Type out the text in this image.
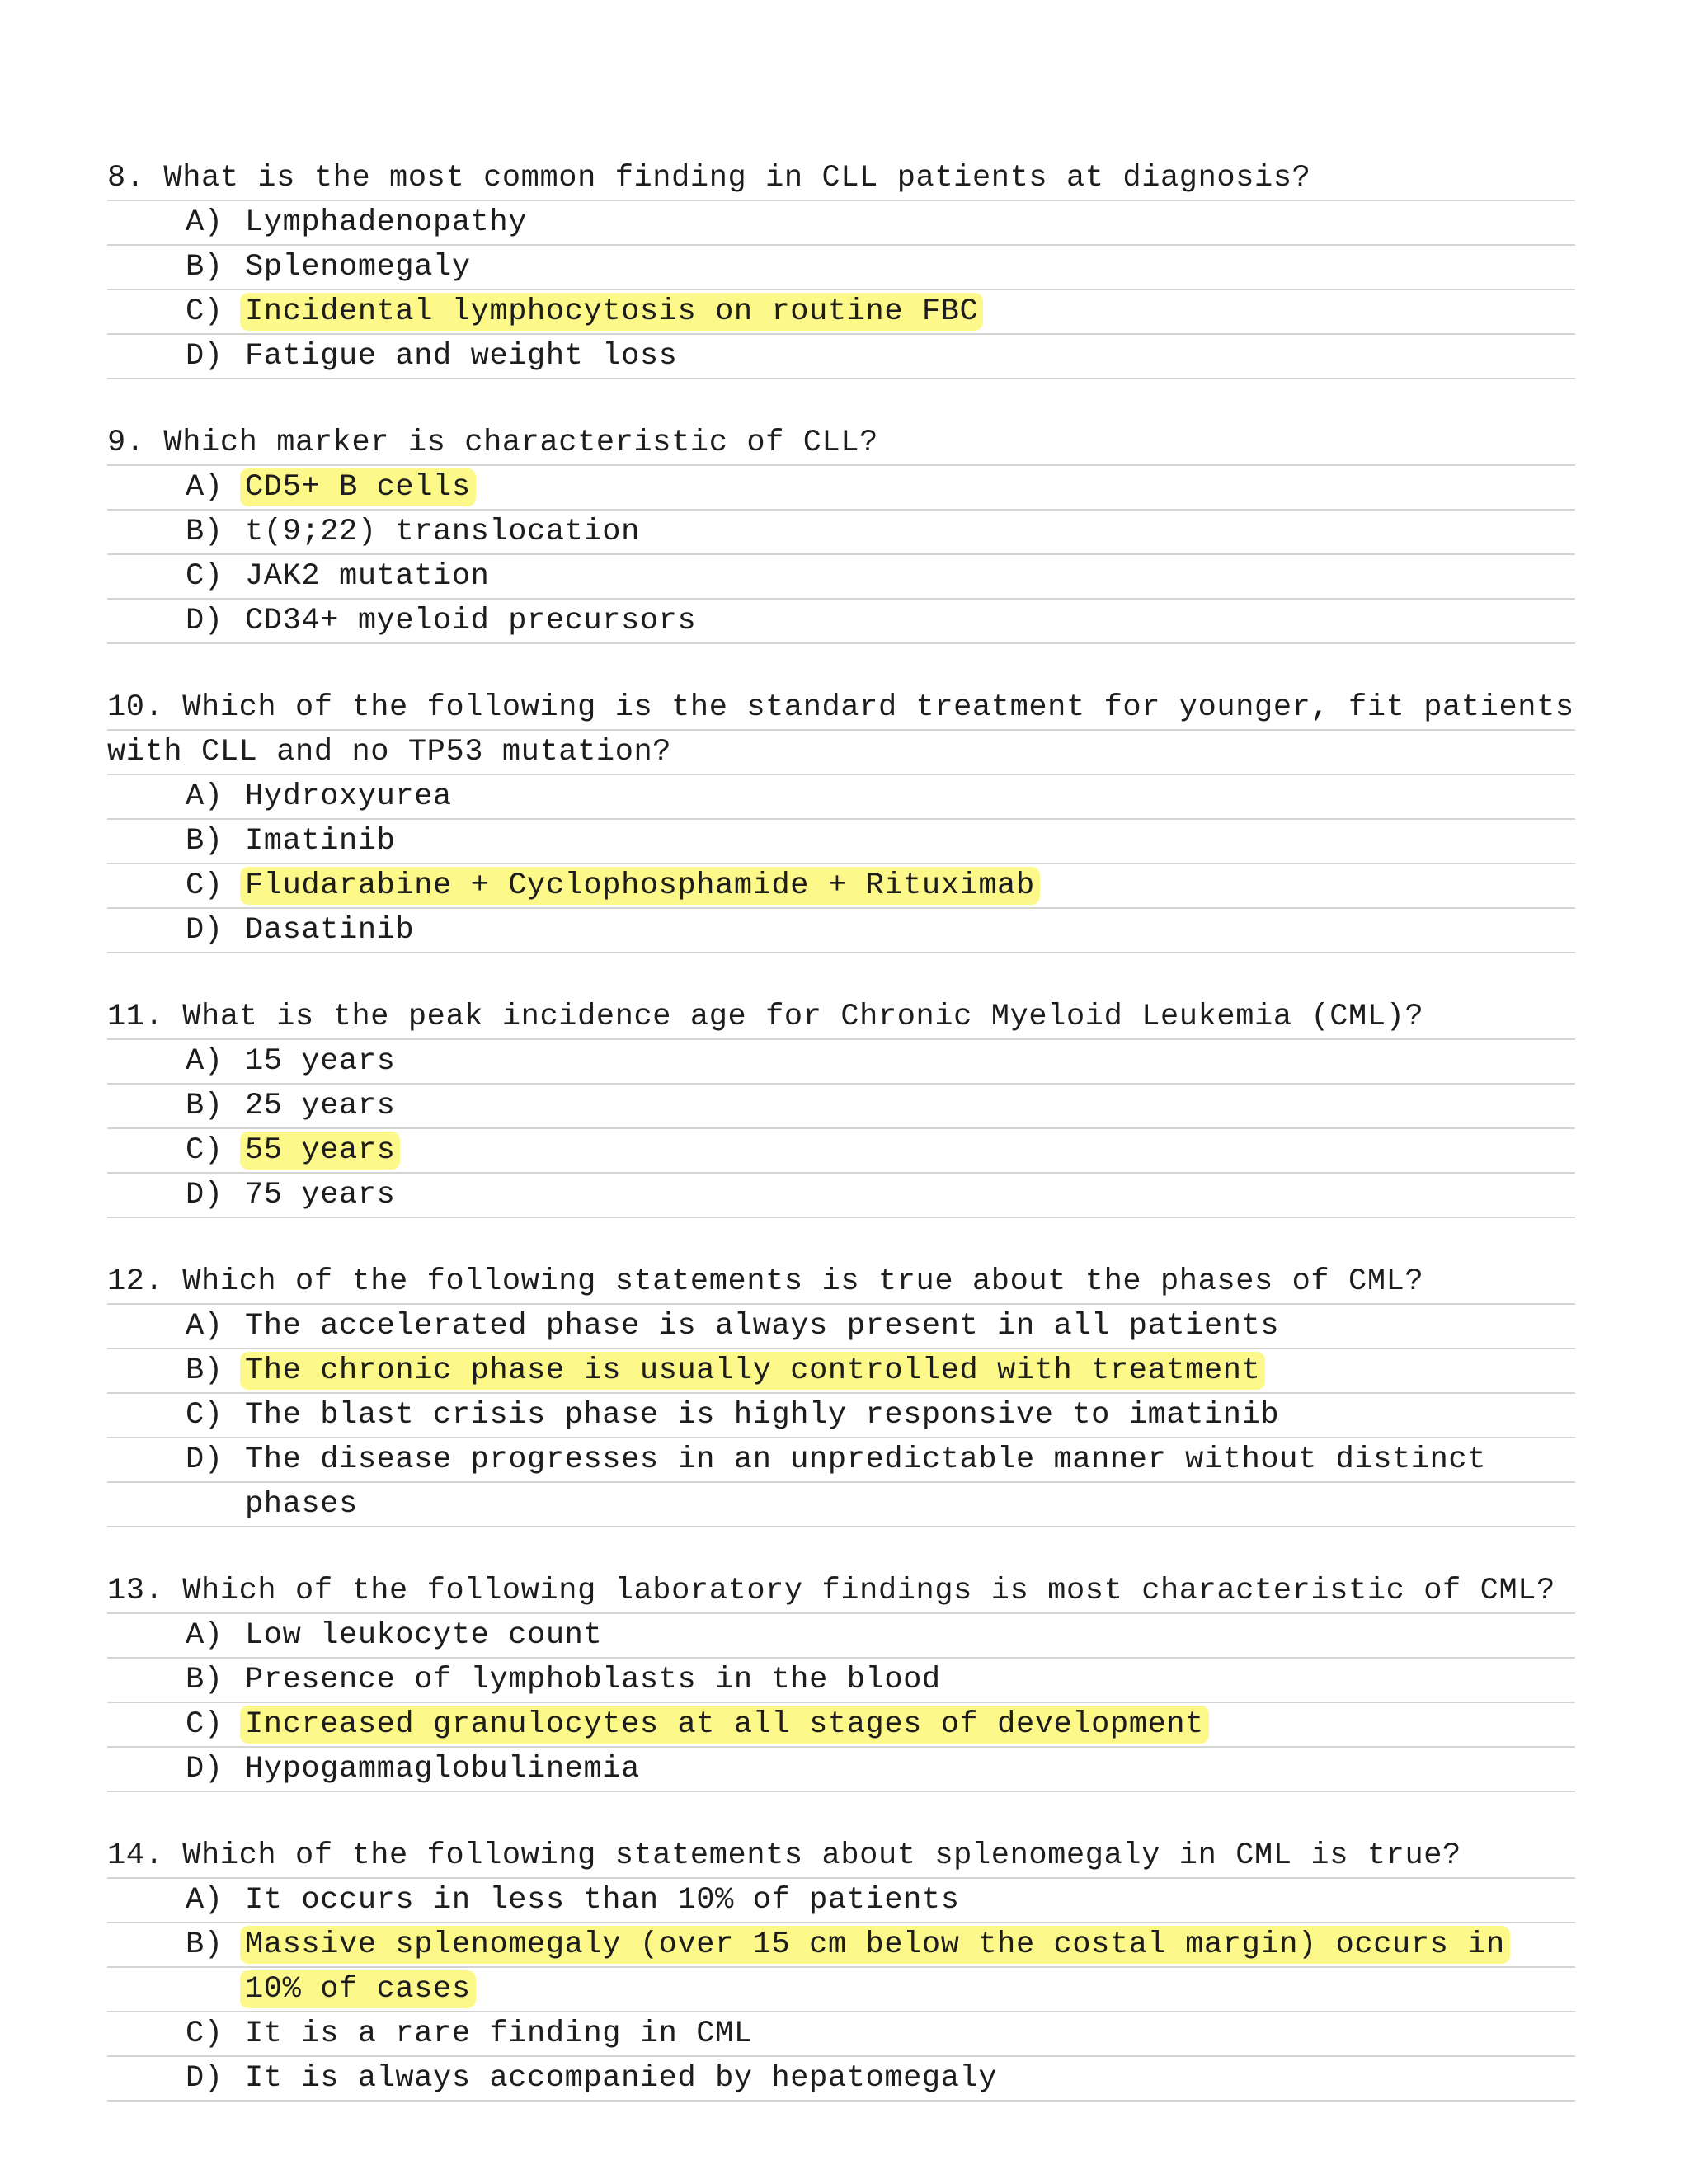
8. What is the most common finding in CLL patients at diagnosis?
A) Lymphadenopathy
B) Splenomegaly
C) Incidental lymphocytosis on routine FBC
D) Fatigue and weight loss
9. Which marker is characteristic of CLL?
A) CD5+ B cells
B) t(9;22) translocation
C) JAK2 mutation
D) CD34+ myeloid precursors
10. Which of the following is the standard treatment for younger, fit patients
with CLL and no TP53 mutation?
A) Hydroxyurea
B) Imatinib
C) Fludarabine + Cyclophosphamide + Rituximab
D) Dasatinib
11. What is the peak incidence age for Chronic Myeloid Leukemia (CML)?
A) 15 years
B) 25 years
C) 55 years
D) 75 years
12. Which of the following statements is true about the phases of CML?
A) The accelerated phase is always present in all patients
B) The chronic phase is usually controlled with treatment
C) The blast crisis phase is highly responsive to imatinib
D) The disease progresses in an unpredictable manner without distinct
phases
13. Which of the following laboratory findings is most characteristic of CML?
A) Low leukocyte count
B) Presence of lymphoblasts in the blood
C) Increased granulocytes at all stages of development
D) Hypogammaglobulinemia
14. Which of the following statements about splenomegaly in CML is true?
A) It occurs in less than 10% of patients
B) Massive splenomegaly (over 15 cm below the costal margin) occurs in
10% of cases
C) It is a rare finding in CML
D) It is always accompanied by hepatomegaly
